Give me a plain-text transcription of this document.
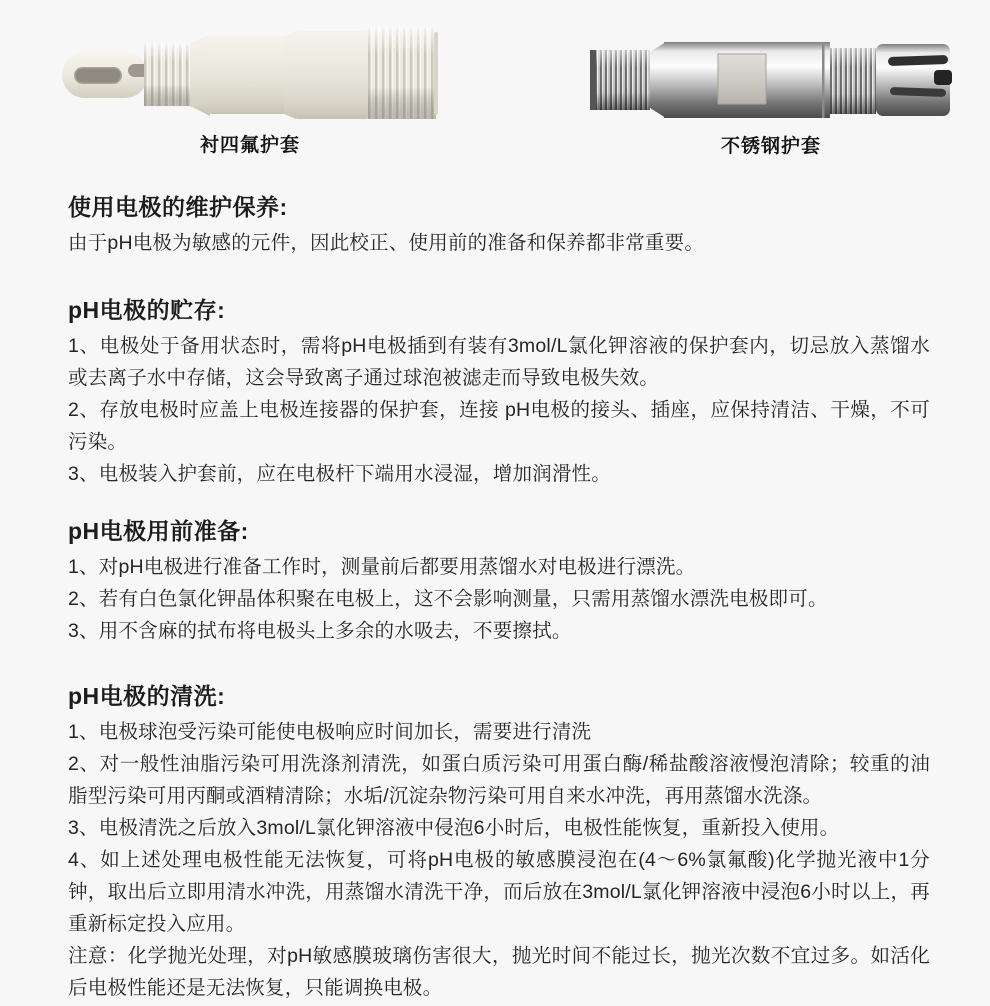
衬四氟护套	不锈钢护套
使用电极的维护保养:

由于pH电极为敏感的元件，因此校正、使用前的准备和保养都非常重要。

pH电极的贮存:

1、电极处于备用状态时，需将pH电极插到有装有3mol/L氯化钾溶液的保护套内，切忌放入蒸馏水或去离子水中存储，这会导致离子通过球泡被滤走而导致电极失效。

2、存放电极时应盖上电极连接器的保护套，连接 pH电极的接头、插座，应保持清洁、干燥，不可污染。

3、电极装入护套前，应在电极杆下端用水浸湿，增加润滑性。

pH电极用前准备:

1、对pH电极进行准备工作时，测量前后都要用蒸馏水对电极进行漂洗。

2、若有白色氯化钾晶体积聚在电极上，这不会影响测量，只需用蒸馏水漂洗电极即可。

3、用不含麻的拭布将电极头上多余的水吸去，不要擦拭。

pH电极的清洗:

1、电极球泡受污染可能使电极响应时间加长，需要进行清洗

2、对一般性油脂污染可用洗涤剂清洗，如蛋白质污染可用蛋白酶/稀盐酸溶液慢泡清除；较重的油脂型污染可用丙酮或酒精清除；水垢/沉淀杂物污染可用自来水冲洗，再用蒸馏水洗涤。

3、电极清洗之后放入3mol/L氯化钾溶液中侵泡6小时后，电极性能恢复，重新投入使用。

4、如上述处理电极性能无法恢复，可将pH电极的敏感膜浸泡在(4～6%氯氟酸)化学抛光液中1分钟，取出后立即用清水冲洗，用蒸馏水清洗干净，而后放在3mol/L氯化钾溶液中浸泡6小时以上，再重新标定投入应用。

注意：化学抛光处理，对pH敏感膜玻璃伤害很大，抛光时间不能过长，抛光次数不宜过多。如活化后电极性能还是无法恢复，只能调换电极。
